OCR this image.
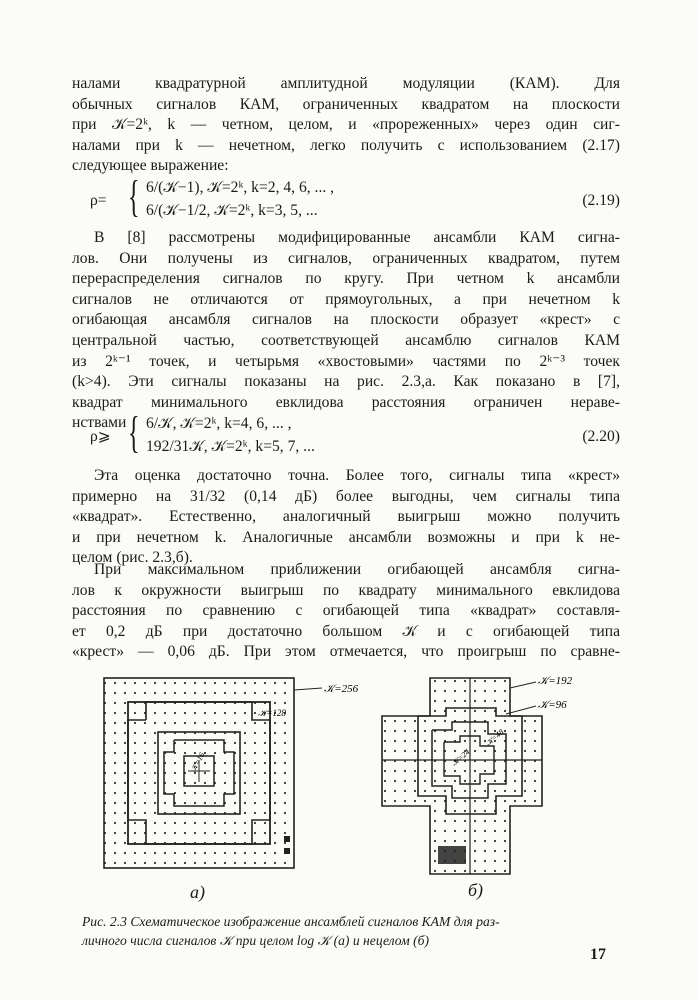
налами квадратурной амплитудной модуляции (КАМ). Для
обычных сигналов КАМ, ограниченных квадратом на плоскости
при 𝒦=2ᵏ, k — четном, целом, и «прореженных» через один сиг-
налами при k — нечетном, легко получить с использованием (2.17)
следующее выражение:
ρ= { 6/(𝒦−1), 𝒦=2ᵏ, k=2, 4, 6, ... ,
6/(𝒦−1/2, 𝒦=2ᵏ, k=3, 5, ...
(2.19)
В [8] рассмотрены модифицированные ансамбли КАМ сигна-
лов. Они получены из сигналов, ограниченных квадратом, путем
перераспределения сигналов по кругу. При четном k ансамбли
сигналов не отличаются от прямоугольных, а при нечетном k
огибающая ансамбля сигналов на плоскости образует «крест» с
центральной частью, соответствующей ансамблю сигналов КАМ
из 2ᵏ⁻¹ точек, и четырьмя «хвостовыми» частями по 2ᵏ⁻³ точек
(k>4). Эти сигналы показаны на рис. 2.3,а. Как показано в [7],
квадрат минимального евклидова расстояния ограничен нераве-
нствами
ρ⩾ { 6/𝒦, 𝒦=2ᵏ, k=4, 6, ... ,
192/31𝒦, 𝒦=2ᵏ, k=5, 7, ...
(2.20)
Эта оценка достаточно точна. Более того, сигналы типа «крест»
примерно на 31/32 (0,14 дБ) более выгодны, чем сигналы типа
«квадрат». Естественно, аналогичный выигрыш можно получить
и при нечетном k. Аналогичные ансамбли возможны и при k не-
целом (рис. 2.3,б).
При максимальном приближении огибающей ансамбля сигна-
лов к окружности выигрыш по квадрату минимального евклидова
расстояния по сравнению с огибающей типа «квадрат» составля-
ет 0,2 дБ при достаточно большом 𝒦 и с огибающей типа
«крест» — 0,06 дБ. При этом отмечается, что проигрыш по сравне-
𝒦=256
𝒦=128
𝒦=16
𝒦=192
𝒦=96
𝒦=48
𝒦=24
а)	б)
Рис. 2.3 Схематическое изображение ансамблей сигналов КАМ для раз-
личного числа сигналов 𝒦 при целом log 𝒦 (а) и нецелом (б)
17
